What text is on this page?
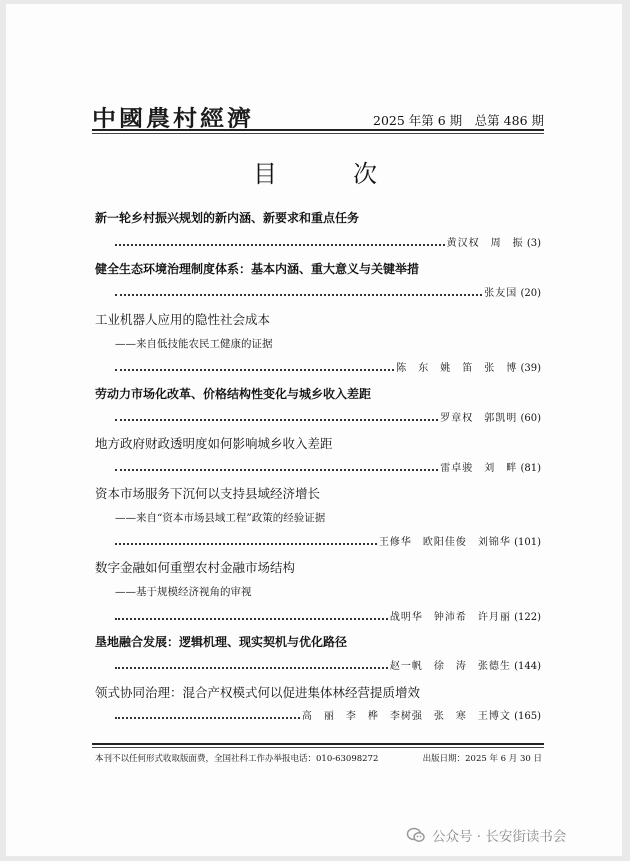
中國農村經濟	2025 年第 6 期　总第 486 期
目　次
新一轮乡村振兴规划的新内涵、新要求和重点任务
黄汉权　周　振
(3)
健全生态环境治理制度体系：基本内涵、重大意义与关键举措
张友国
(20)
工业机器人应用的隐性社会成本
——来自低技能农民工健康的证据
陈　东　姚　笛　张　博
(39)
劳动力市场化改革、价格结构性变化与城乡收入差距
罗章权　郭凯明
(60)
地方政府财政透明度如何影响城乡收入差距
雷卓骏　刘　畔
(81)
资本市场服务下沉何以支持县域经济增长
——来自“资本市场县域工程”政策的经验证据
王修华　欧阳佳俊　刘锦华
(101)
数字金融如何重塑农村金融市场结构
——基于规模经济视角的审视
战明华　钟沛希　许月丽
(122)
垦地融合发展：逻辑机理、现实契机与优化路径
赵一帆　徐　涛　张德生
(144)
领式协同治理：混合产权模式何以促进集体林经营提质增效
高　丽　李　桦　李树强　张　寒　王博文
(165)
本刊不以任何形式收取版面费，全国社科工作办举报电话：010-63098272	出版日期：2025 年 6 月 30 日
公众号 · 长安街读书会
